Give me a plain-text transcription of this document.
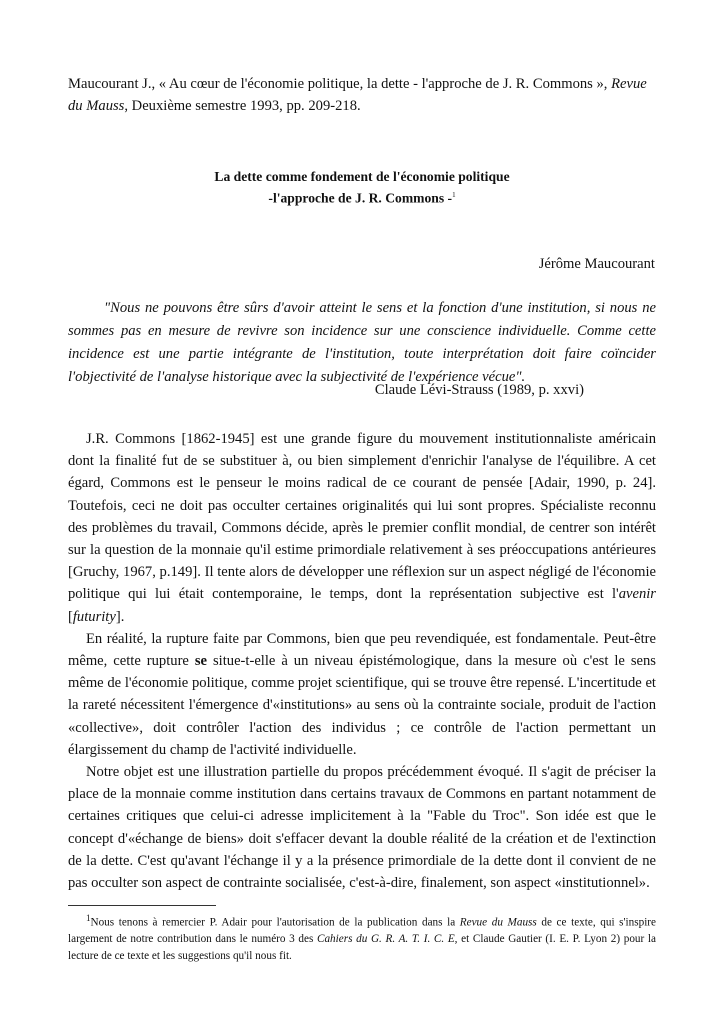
Maucourant J., « Au cœur de l'économie politique, la dette - l'approche de J. R. Commons », Revue du Mauss, Deuxième semestre 1993, pp. 209-218.
La dette comme fondement de l'économie politique
-l'approche de J. R. Commons -$^1$
Jérôme Maucourant
"Nous ne pouvons être sûrs d'avoir atteint le sens et la fonction d'une institution, si nous ne sommes pas en mesure de revivre son incidence sur une conscience individuelle. Comme cette incidence est une partie intégrante de l'institution, toute interprétation doit faire coïncider l'objectivité de l'analyse historique avec la subjectivité de l'expérience vécue".
Claude Lévi-Strauss (1989, p. xxvi)

J.R. Commons [1862-1945] est une grande figure du mouvement institutionnaliste américain dont la finalité fut de se substituer à, ou bien simplement d'enrichir l'analyse de l'équilibre. A cet égard, Commons est le penseur le moins radical de ce courant de pensée [Adair, 1990, p. 24]. Toutefois, ceci ne doit pas occulter certaines originalités qui lui sont propres. Spécialiste reconnu des problèmes du travail, Commons décide, après le premier conflit mondial, de centrer son intérêt sur la question de la monnaie qu'il estime primordiale relativement à ses préoccupations antérieures [Gruchy, 1967, p.149]. Il tente alors de développer une réflexion sur un aspect négligé de l'économie politique qui lui était contemporaine, le temps, dont la représentation subjective est l'avenir [futurity].

En réalité, la rupture faite par Commons, bien que peu revendiquée, est fondamentale. Peut-être même, cette rupture se situe-t-elle à un niveau épistémologique, dans la mesure où c'est le sens même de l'économie politique, comme projet scientifique, qui se trouve être repensé. L'incertitude et la rareté nécessitent l'émergence d'«institutions» au sens où la contrainte sociale, produit de l'action «collective», doit contrôler l'action des individus ; ce contrôle de l'action permettant un élargissement du champ de l'activité individuelle.

Notre objet est une illustration partielle du propos précédemment évoqué. Il s'agit de préciser la place de la monnaie comme institution dans certains travaux de Commons en partant notamment de certaines critiques que celui-ci adresse implicitement à la "Fable du Troc". Son idée est que le concept d'«échange de biens» doit s'effacer devant la double réalité de la création et de l'extinction de la dette. C'est qu'avant l'échange il y a la présence primordiale de la dette dont il convient de ne pas occulter son aspect de contrainte socialisée, c'est-à-dire, finalement, son aspect «institutionnel».

$^1$Nous tenons à remercier P. Adair pour l'autorisation de la publication dans la Revue du Mauss de ce texte, qui s'inspire largement de notre contribution dans le numéro 3 des Cahiers du G. R. A. T. I. C. E, et Claude Gautier (I. E. P. Lyon 2) pour la lecture de ce texte et les suggestions qu'il nous fit.
